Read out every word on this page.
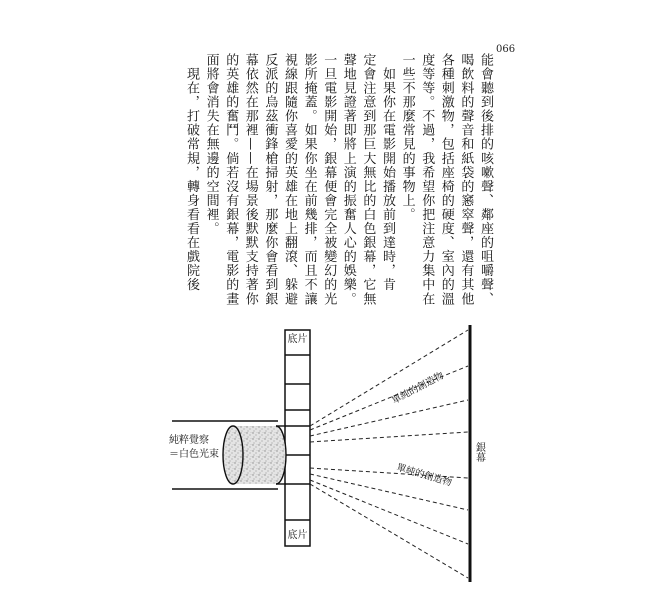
066
能會聽到後排的咳嗽聲、鄰座的咀嚼聲、
喝飲料的聲音和紙袋的窸窣聲，還有其他
各種刺激物，包括座椅的硬度、室內的溫
度等等。不過，我希望你把注意力集中在
一些不那麼常見的事物上。
　如果你在電影開始播放前到達時，肯
定會注意到那巨大無比的白色銀幕，它無
聲地見證著即將上演的振奮人心的娛樂。
一旦電影開始，銀幕便會完全被變幻的光
影所掩蓋。如果你坐在前幾排，而且不讓
視線跟隨你喜愛的英雄在地上翻滾、躲避
反派的烏茲衝鋒槍掃射，那麼你會看到銀
幕依然在那裡——在場景後默默支持著你
的英雄的奮鬥。倘若沒有銀幕，電影的畫
面將會消失在無邊的空間裡。
　現在，打破常規，轉身看看在戲院後
底片
底片
純粹覺察
＝白色光束	銀幕
單純的創造物
單純的創造物
